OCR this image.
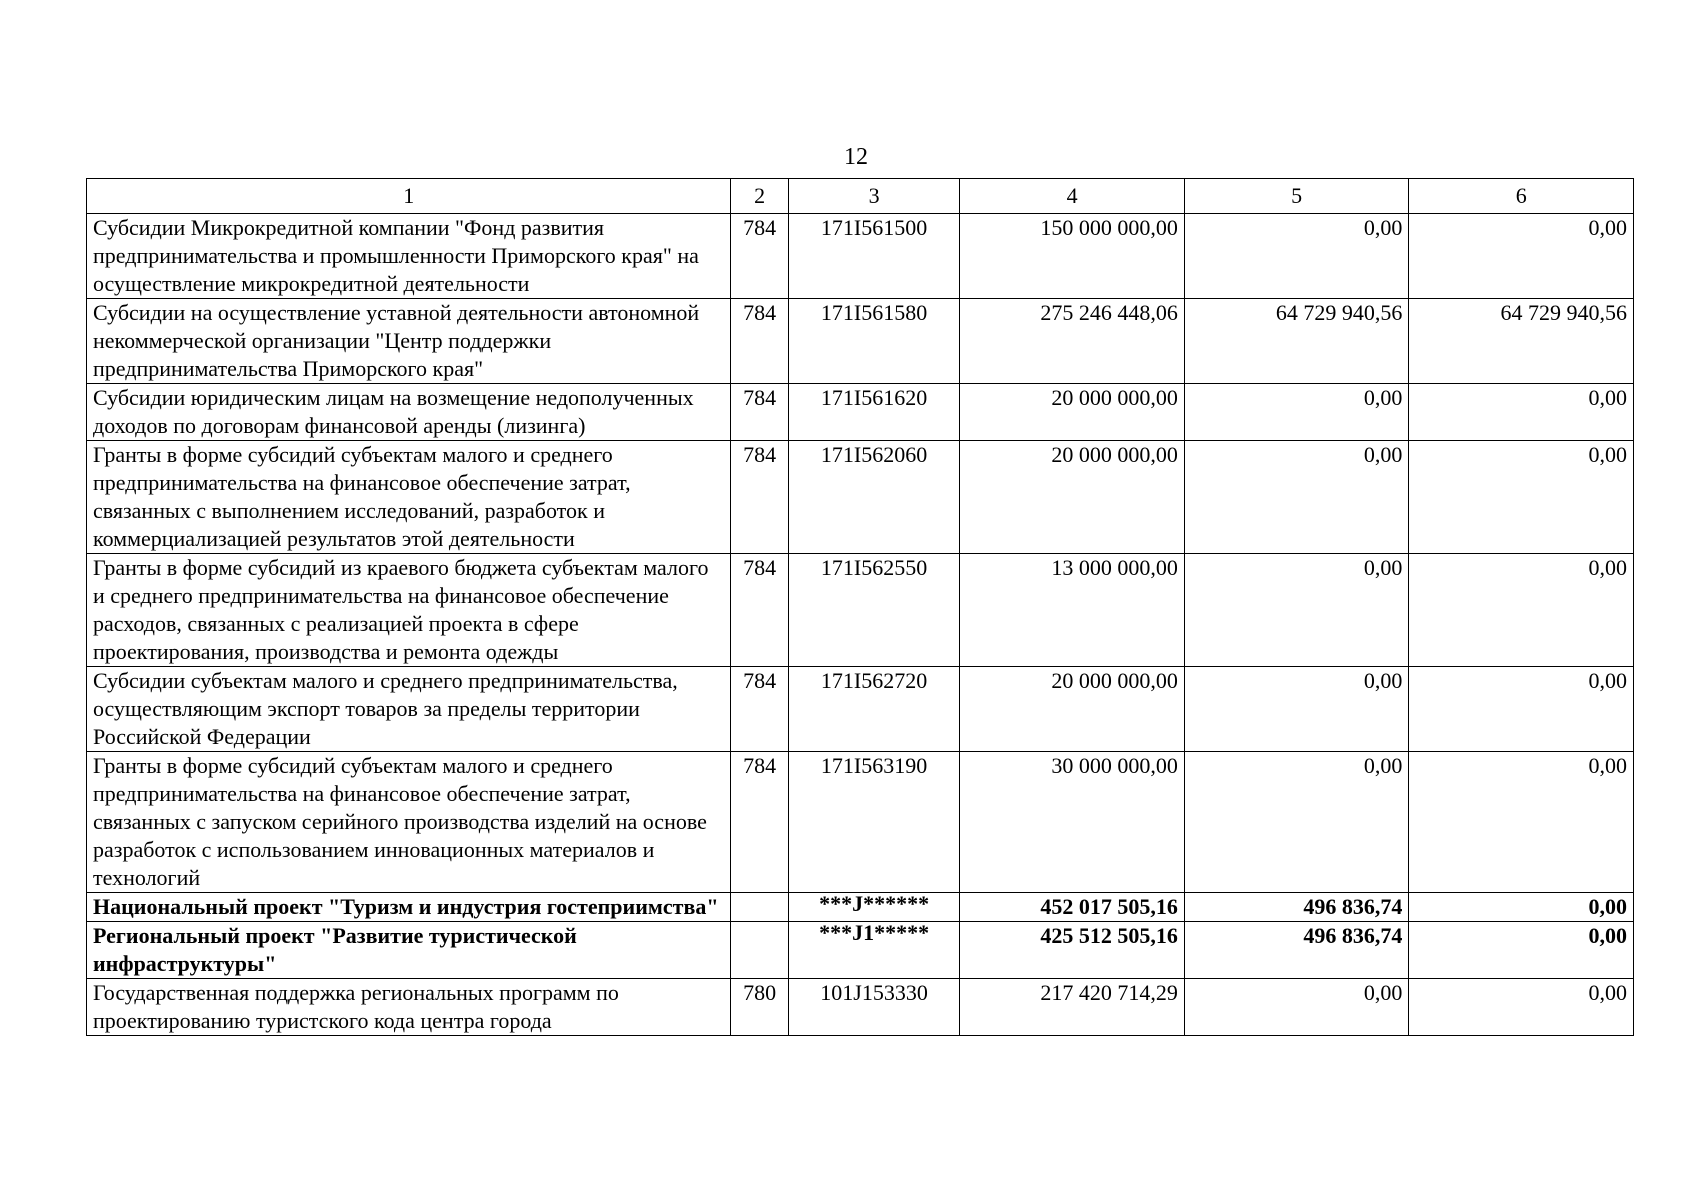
12
1	2	3	4	5	6
Субсидии Микрокредитной компании "Фонд развития предпринимательства и промышленности Приморского края" на осуществление микрокредитной деятельности	784	171I561500	150 000 000,00	0,00	0,00
Субсидии на осуществление уставной деятельности автономной некоммерческой организации "Центр поддержки предпринимательства Приморского края"	784	171I561580	275 246 448,06	64 729 940,56	64 729 940,56
Субсидии юридическим лицам на возмещение недополученных доходов по договорам финансовой аренды (лизинга)	784	171I561620	20 000 000,00	0,00	0,00
Гранты в форме субсидий субъектам малого и среднего предпринимательства на финансовое обеспечение затрат, связанных с выполнением исследований, разработок и коммерциализацией результатов этой деятельности	784	171I562060	20 000 000,00	0,00	0,00
Гранты в форме субсидий из краевого бюджета субъектам малого и среднего предпринимательства на финансовое обеспечение расходов, связанных с реализацией проекта в сфере проектирования, производства и ремонта одежды	784	171I562550	13 000 000,00	0,00	0,00
Субсидии субъектам малого и среднего предпринимательства, осуществляющим экспорт товаров за пределы территории Российской Федерации	784	171I562720	20 000 000,00	0,00	0,00
Гранты в форме субсидий субъектам малого и среднего предпринимательства на финансовое обеспечение затрат, связанных с запуском серийного производства изделий на основе разработок с использованием инновационных материалов и технологий	784	171I563190	30 000 000,00	0,00	0,00
Национальный проект "Туризм и индустрия гостеприимства"		***J******	452 017 505,16	496 836,74	0,00
Региональный проект "Развитие туристической инфраструктуры"		***J1*****	425 512 505,16	496 836,74	0,00
Государственная поддержка региональных программ по проектированию туристского кода центра города	780	101J153330	217 420 714,29	0,00	0,00
